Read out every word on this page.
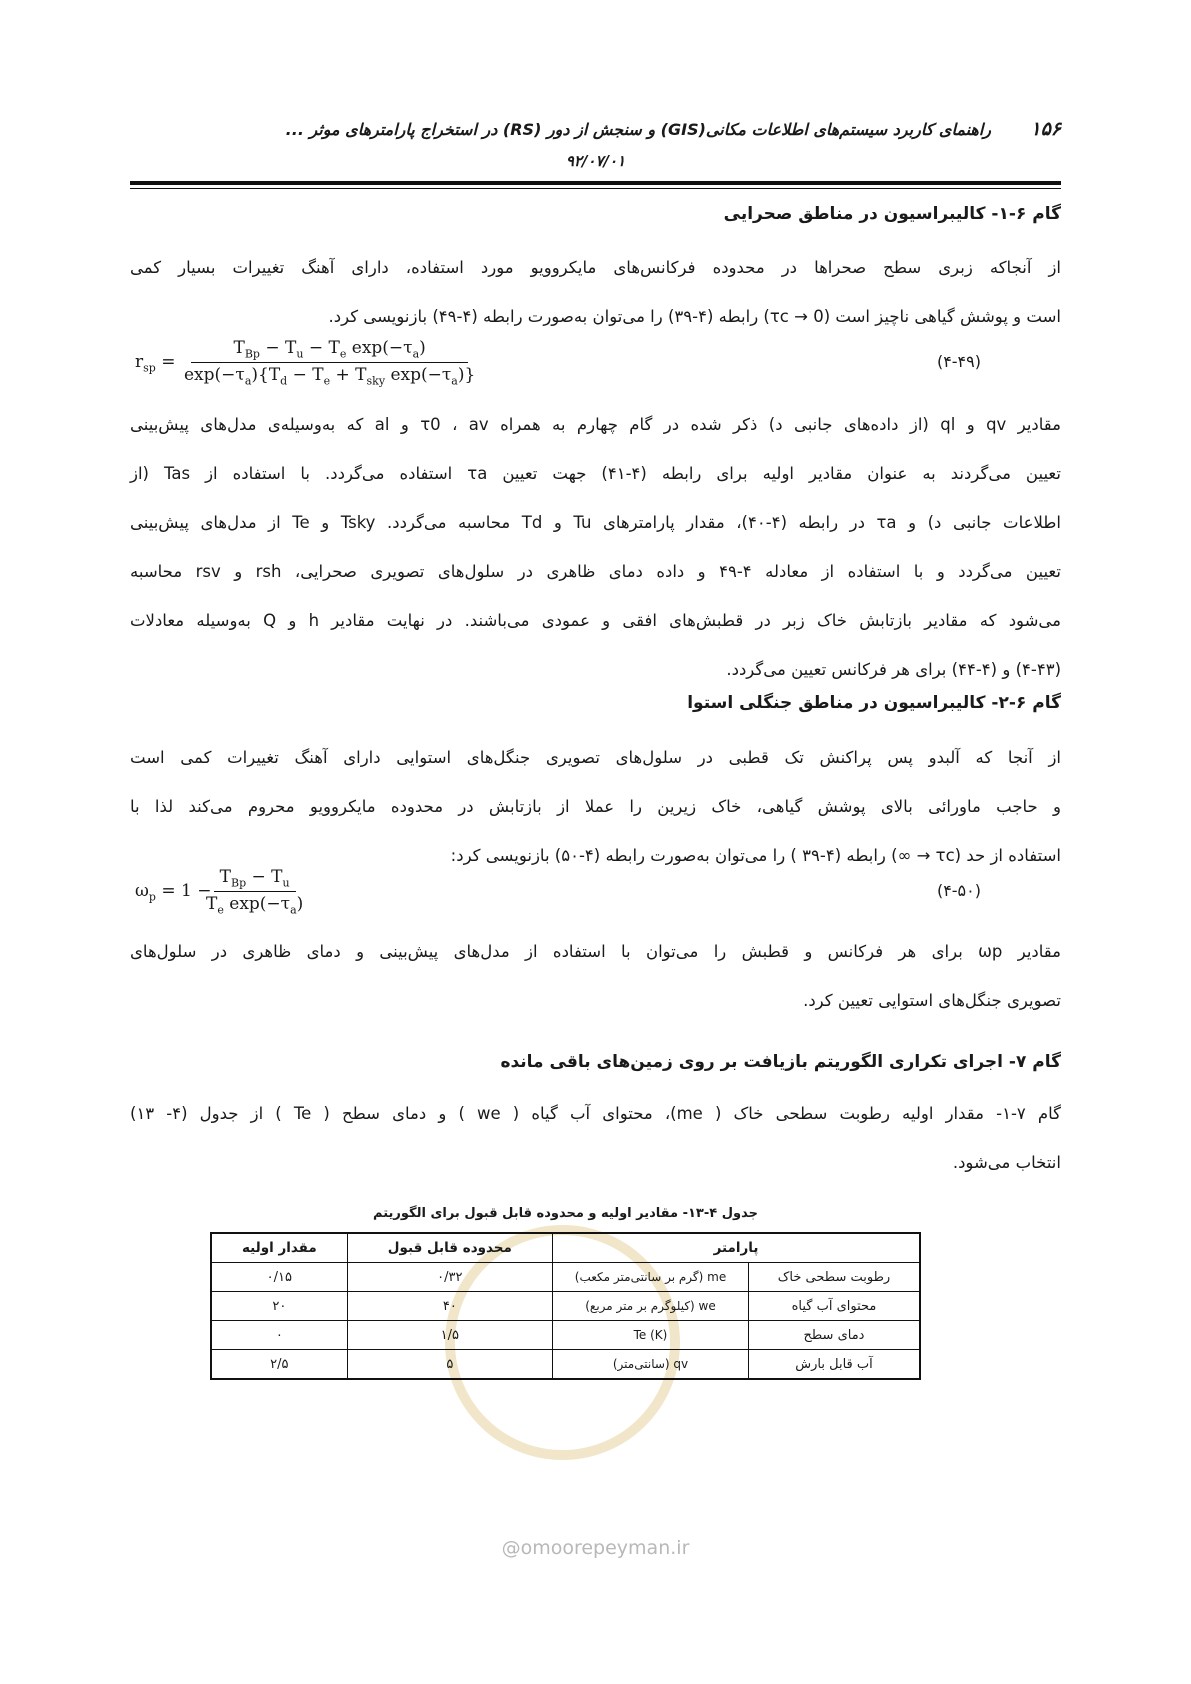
۱۵۶
راهنمای کاربرد سیستم‌های اطلاعات مکانی(GIS) و سنجش از دور (RS) در استخراج پارامترهای موثر ...
۹۲/۰۷/۰۱
گام ۶-۱- کالیبراسیون در مناطق صحرایی
از آنجاکه زبری سطح صحراها در محدوده فرکانس‌های مایکروویو مورد استفاده، دارای آهنگ تغییرات بسیار کمی
است و پوشش گیاهی ناچیز است (τc → 0) رابطه (۴-۳۹) را می‌توان به‌صورت رابطه (۴-۴۹) بازنویسی کرد.
$r_{sp}$ =
$T_{Bp} - T_u - T_e$ $\exp(-\tau_a)$
$\exp(-\tau_a)\{T_d - T_e + T_{sky}$ $\exp(-\tau_a)$}
(۴-۴۹)
مقادیر qv و ql (از داده‌های جانبی د) ذکر شده در گام چهارم به همراه τ0 ، av و al که به‌وسیله‌ی مدل‌های پیش‌بینی
تعیین می‌گردند به عنوان مقادیر اولیه برای رابطه (۴-۴۱) جهت تعیین τa استفاده می‌گردد. با استفاده از Tas (از
اطلاعات جانبی د) و τa در رابطه (۴-۴۰)، مقدار پارامترهای Tu و Td محاسبه می‌گردد. Tsky و Te از مدل‌های پیش‌بینی
تعیین می‌گردد و با استفاده از معادله ۴-۴۹ و داده دمای ظاهری در سلول‌های تصویری صحرایی، rsh و rsv محاسبه
می‌شود که مقادیر بازتابش خاک زبر در قطبش‌های افقی و عمودی می‌باشند. در نهایت مقادیر h و Q به‌وسیله معادلات
(۴-۴۳) و (۴-۴۴) برای هر فرکانس تعیین می‌گردد.
گام ۶-۲- کالیبراسیون در مناطق جنگلی استوا
از آنجا که آلبدو پس پراکنش تک قطبی در سلول‌های تصویری جنگل‌های استوایی دارای آهنگ تغییرات کمی است
و حاجب ماورائی بالای پوشش گیاهی، خاک زیرین را عملا از بازتابش در محدوده مایکروویو محروم می‌کند لذا با
استفاده از حد (τc → ∞) رابطه (۴-۳۹ ) را می‌توان به‌صورت رابطه (۴-۵۰) بازنویسی کرد:
$\omega_p = 1$ −
$T_{Bp} - T_u$
$T_e$ $\exp(-\tau_a)$
(۴-۵۰)
مقادیر ωp برای هر فرکانس و قطبش را می‌توان با استفاده از مدل‌های پیش‌بینی و دمای ظاهری در سلول‌های
تصویری جنگل‌های استوایی تعیین کرد.
گام ۷- اجرای تکراری الگوریتم بازیافت بر روی زمین‌های باقی مانده
گام ۷-۱- مقدار اولیه رطوبت سطحی خاک ( me)، محتوای آب گیاه ( we ) و دمای سطح ( Te ) از جدول (۴- ۱۳)
انتخاب می‌شود.
جدول ۴-۱۳- مقادیر اولیه و محدوده قابل قبول برای الگوریتم
پارامتر		محدوده قابل قبول	مقدار اولیه
رطوبت سطحی خاک	me (گرم بر سانتی‌متر مکعب)	۰/۳۲	۰/۱۵
محتوای آب گیاه	we (کیلوگرم بر متر مربع)	۴۰	۲۰
دمای سطح	Te (K)	۱/۵	۰
آب قابل بارش	qv (سانتی‌متر)	۵	۲/۵
@omoorepeyman.ir
